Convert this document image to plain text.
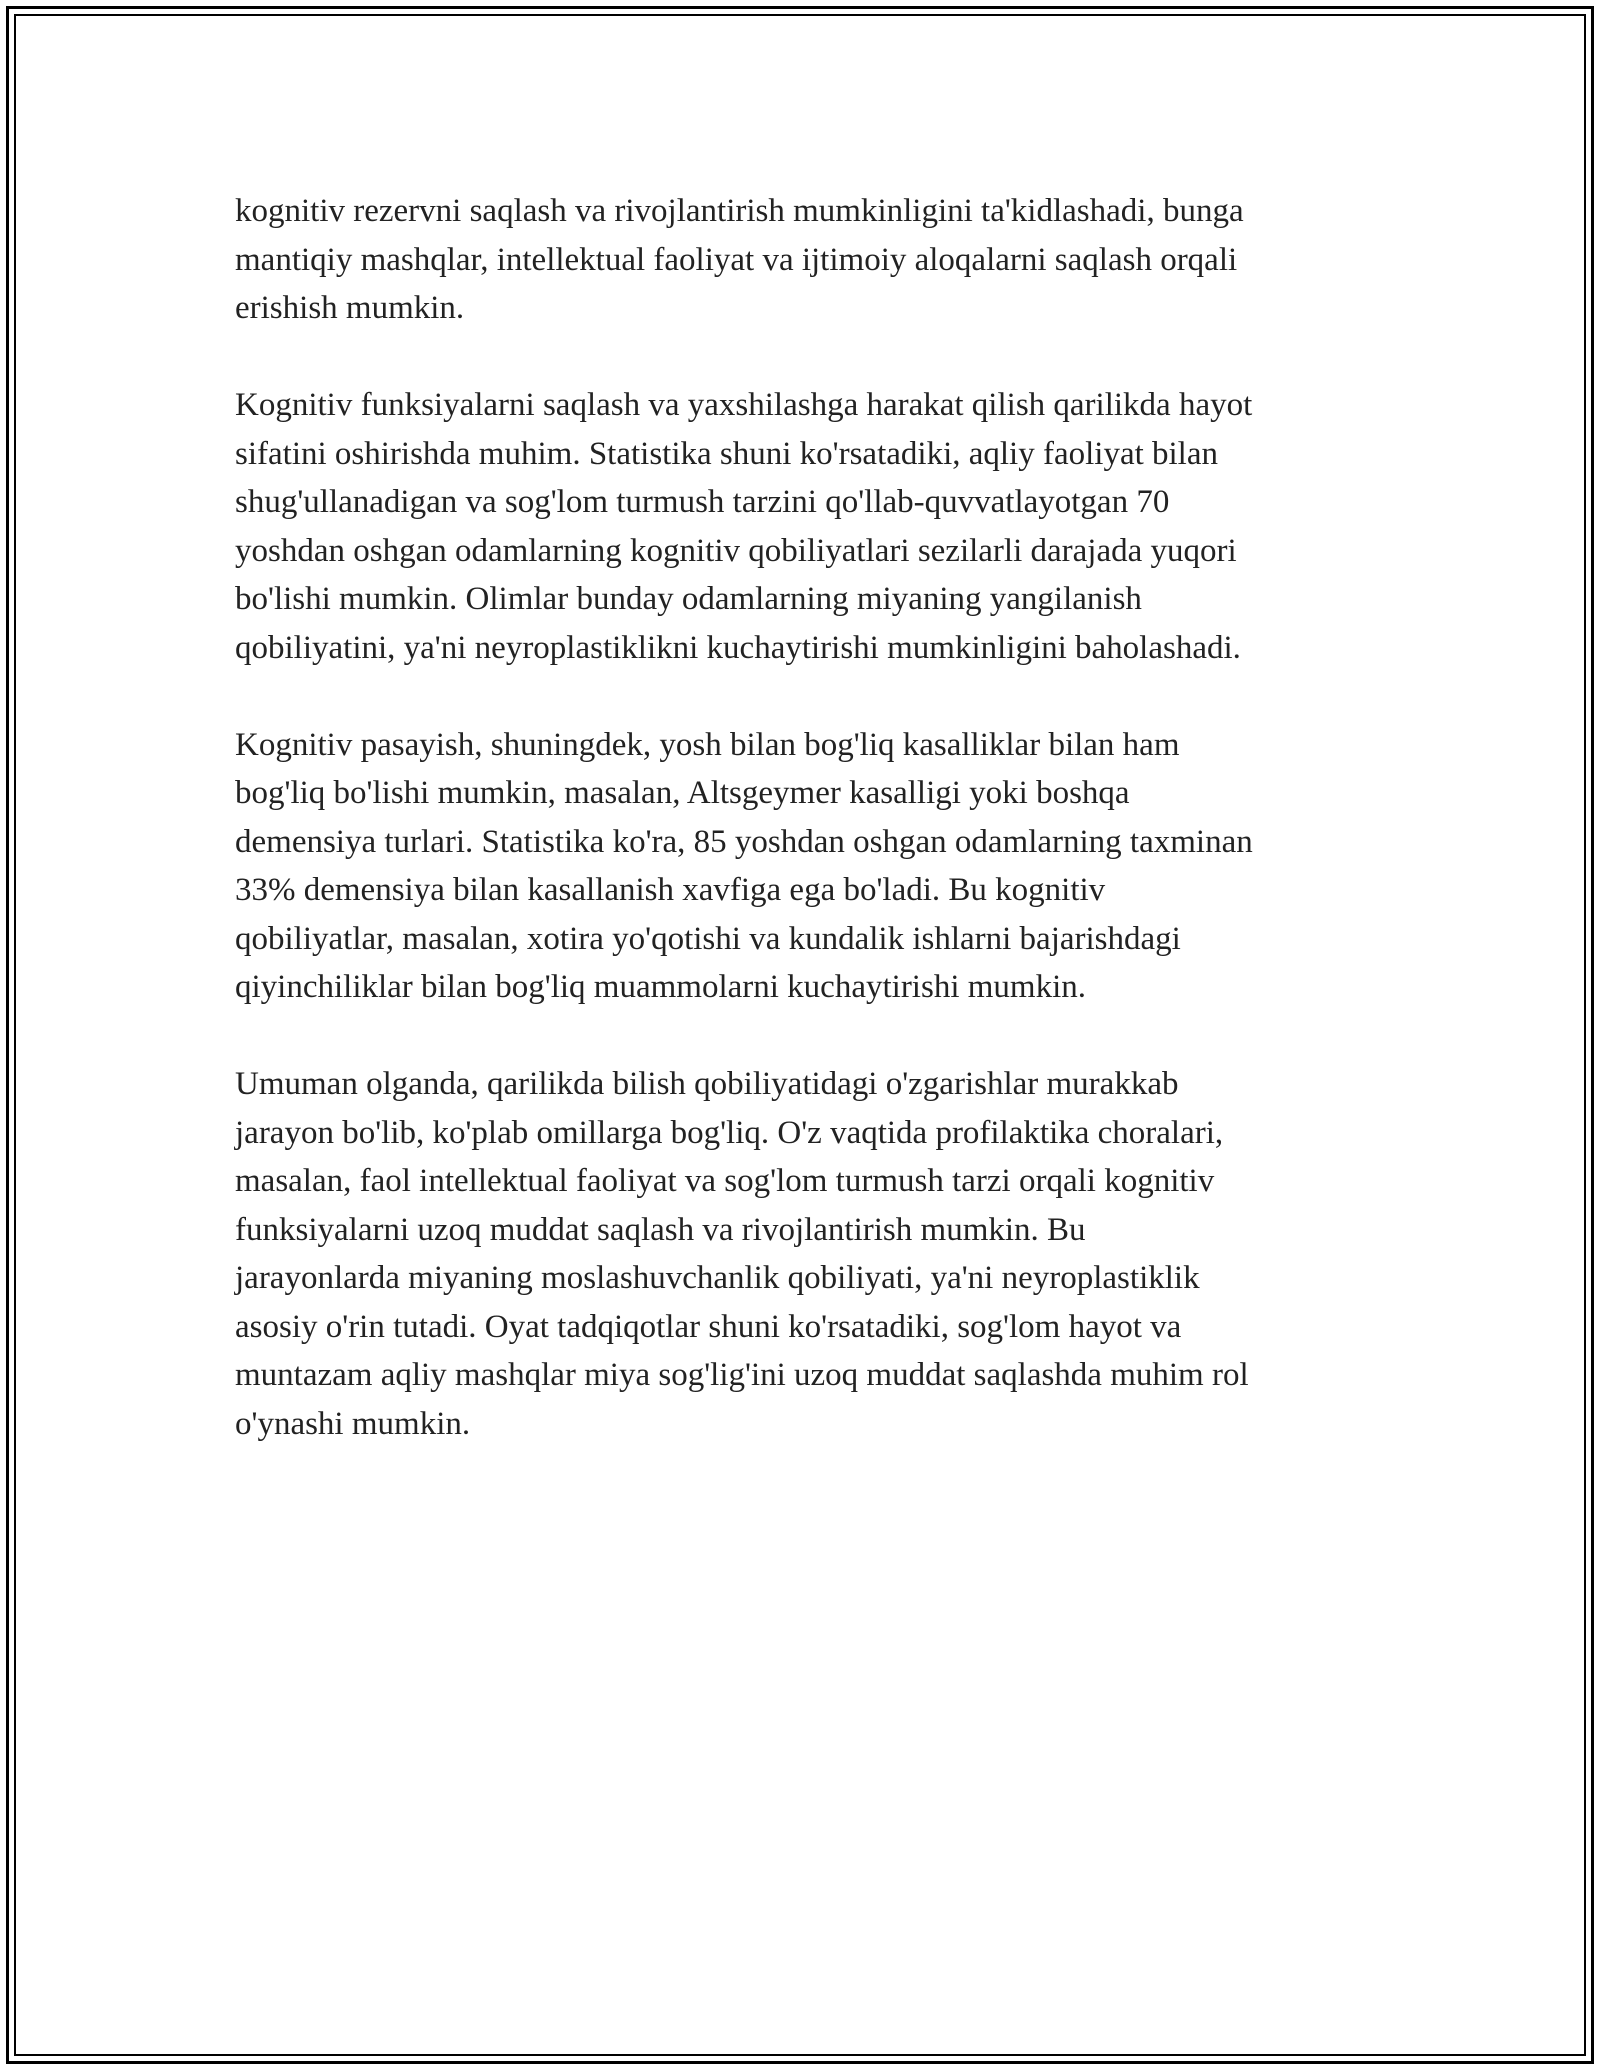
kognitiv rezervni saqlash va rivojlantirish mumkinligini ta'kidlashadi, bunga
mantiqiy mashqlar, intellektual faoliyat va ijtimoiy aloqalarni saqlash orqali
erishish mumkin.

Kognitiv funksiyalarni saqlash va yaxshilashga harakat qilish qarilikda hayot
sifatini oshirishda muhim. Statistika shuni ko'rsatadiki, aqliy faoliyat bilan
shug'ullanadigan va sog'lom turmush tarzini qo'llab-quvvatlayotgan 70
yoshdan oshgan odamlarning kognitiv qobiliyatlari sezilarli darajada yuqori
bo'lishi mumkin. Olimlar bunday odamlarning miyaning yangilanish
qobiliyatini, ya'ni neyroplastiklikni kuchaytirishi mumkinligini baholashadi.

Kognitiv pasayish, shuningdek, yosh bilan bog'liq kasalliklar bilan ham
bog'liq bo'lishi mumkin, masalan, Altsgeymer kasalligi yoki boshqa
demensiya turlari. Statistika ko'ra, 85 yoshdan oshgan odamlarning taxminan
33% demensiya bilan kasallanish xavfiga ega bo'ladi. Bu kognitiv
qobiliyatlar, masalan, xotira yo'qotishi va kundalik ishlarni bajarishdagi
qiyinchiliklar bilan bog'liq muammolarni kuchaytirishi mumkin.

Umuman olganda, qarilikda bilish qobiliyatidagi o'zgarishlar murakkab
jarayon bo'lib, ko'plab omillarga bog'liq. O'z vaqtida profilaktika choralari,
masalan, faol intellektual faoliyat va sog'lom turmush tarzi orqali kognitiv
funksiyalarni uzoq muddat saqlash va rivojlantirish mumkin. Bu
jarayonlarda miyaning moslashuvchanlik qobiliyati, ya'ni neyroplastiklik
asosiy o'rin tutadi. Oyat tadqiqotlar shuni ko'rsatadiki, sog'lom hayot va
muntazam aqliy mashqlar miya sog'lig'ini uzoq muddat saqlashda muhim rol
o'ynashi mumkin.
